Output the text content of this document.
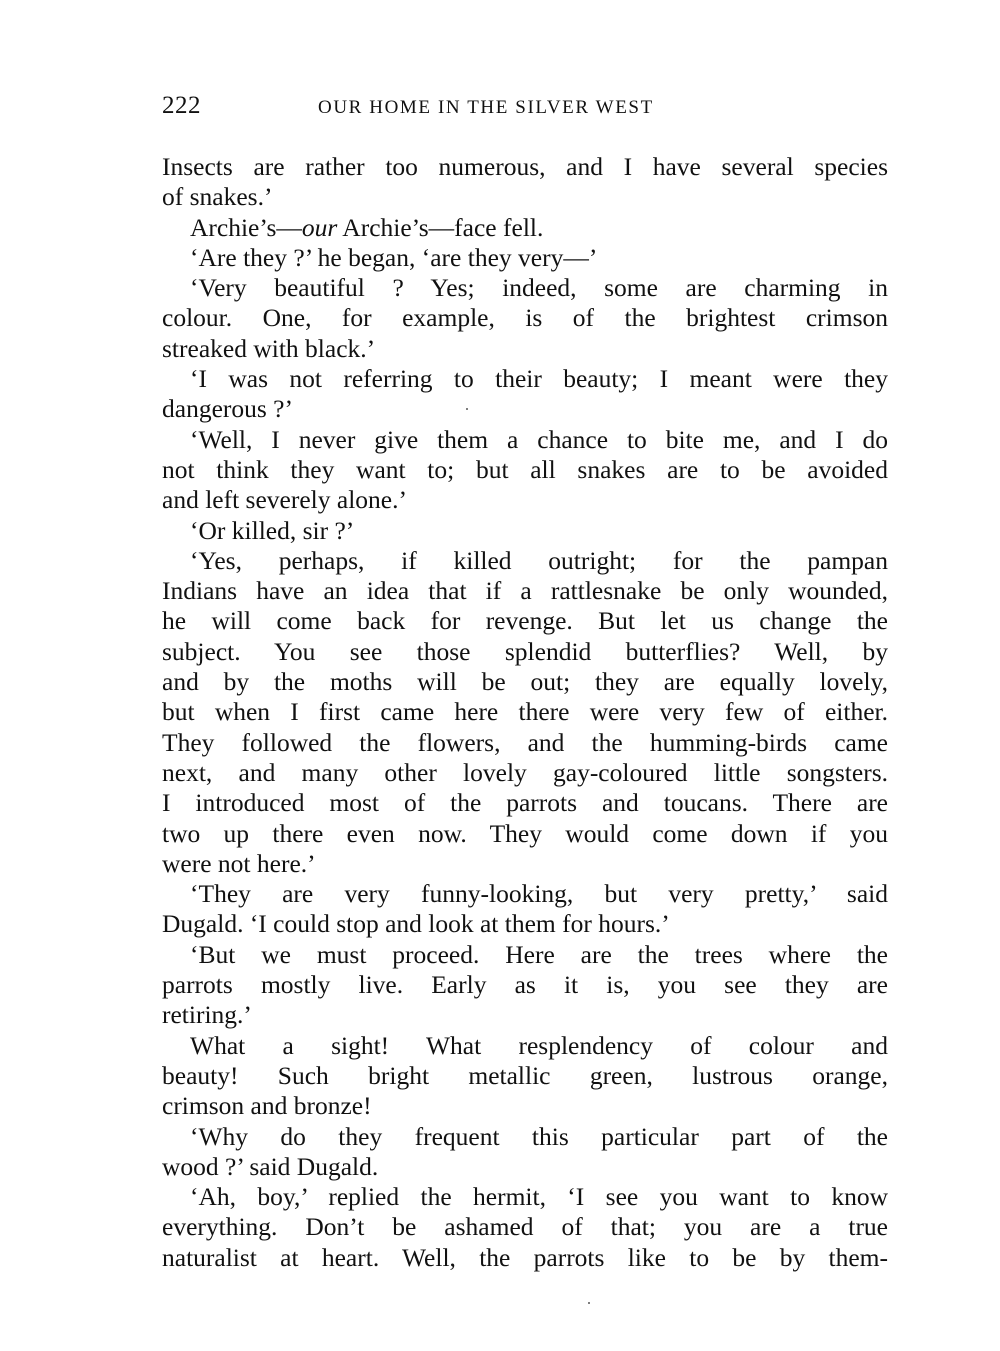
222	OUR HOME IN THE SILVER WEST
Insects are rather too numerous, and I have several species
of snakes.’
Archie’s—our Archie’s—face fell.
‘Are they ?’ he began, ‘are they very—’
‘Very beautiful ? Yes; indeed, some are charming in
colour. One, for example, is of the brightest crimson
streaked with black.’
‘I was not referring to their beauty; I meant were they
dangerous ?’
‘Well, I never give them a chance to bite me, and I do
not think they want to; but all snakes are to be avoided
and left severely alone.’
‘Or killed, sir ?’
‘Yes, perhaps, if killed outright; for the pampan
Indians have an idea that if a rattlesnake be only wounded,
he will come back for revenge. But let us change the
subject. You see those splendid butterflies? Well, by
and by the moths will be out; they are equally lovely,
but when I first came here there were very few of either.
They followed the flowers, and the humming-birds came
next, and many other lovely gay-coloured little songsters.
I introduced most of the parrots and toucans. There are
two up there even now. They would come down if you
were not here.’
‘They are very funny-looking, but very pretty,’ said
Dugald. ‘I could stop and look at them for hours.’
‘But we must proceed. Here are the trees where the
parrots mostly live. Early as it is, you see they are
retiring.’
What a sight! What resplendency of colour and
beauty! Such bright metallic green, lustrous orange,
crimson and bronze!
‘Why do they frequent this particular part of the
wood ?’ said Dugald.
‘Ah, boy,’ replied the hermit, ‘I see you want to know
everything. Don’t be ashamed of that; you are a true
naturalist at heart. Well, the parrots like to be by them-
